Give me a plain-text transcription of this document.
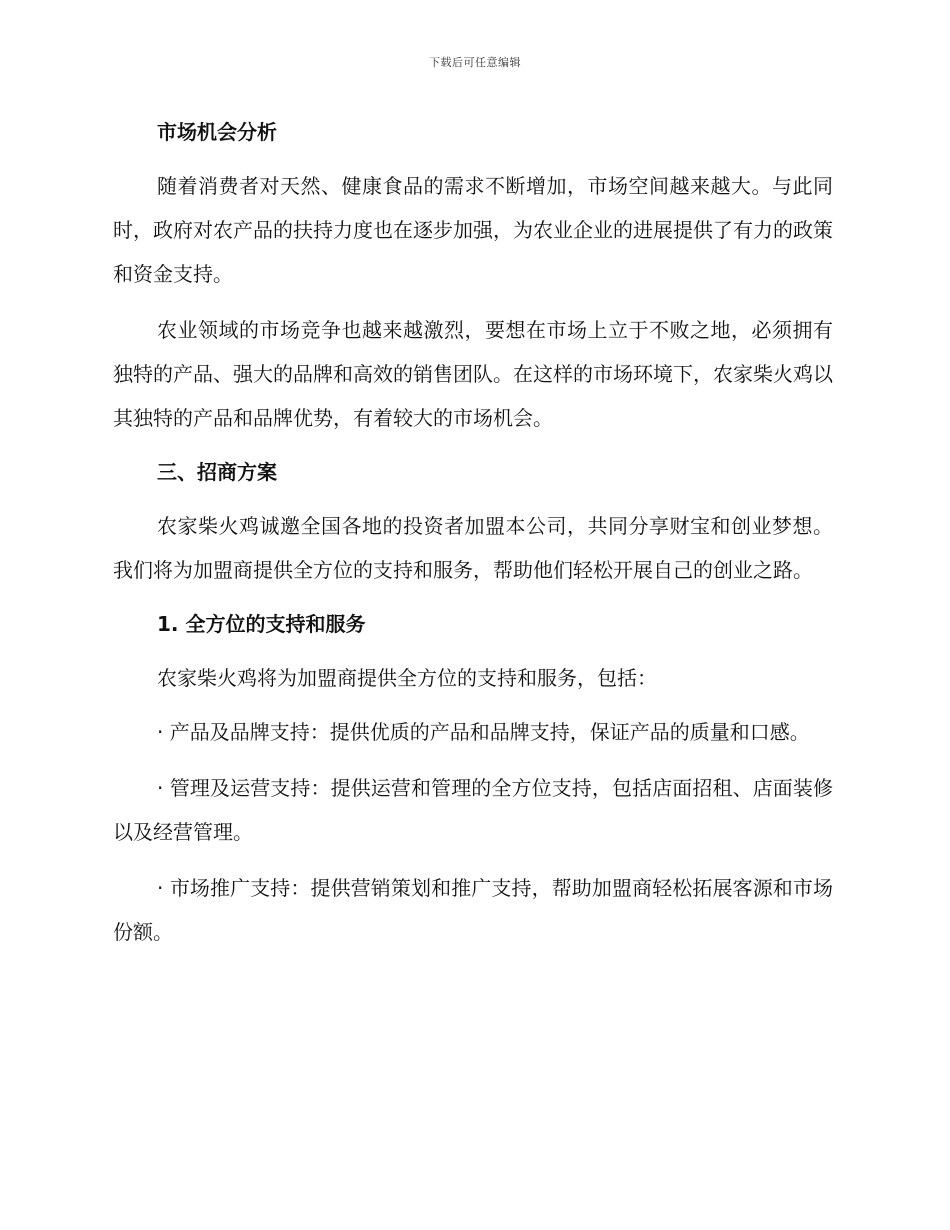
下载后可任意编辑
市场机会分析

随着消费者对天然、健康食品的需求不断增加，市场空间越来越大。与此同时，政府对农产品的扶持力度也在逐步加强，为农业企业的进展提供了有力的政策和资金支持。

农业领域的市场竞争也越来越激烈，要想在市场上立于不败之地，必须拥有独特的产品、强大的品牌和高效的销售团队。在这样的市场环境下，农家柴火鸡以其独特的产品和品牌优势，有着较大的市场机会。

三、招商方案

农家柴火鸡诚邀全国各地的投资者加盟本公司，共同分享财宝和创业梦想。我们将为加盟商提供全方位的支持和服务，帮助他们轻松开展自己的创业之路。

1. 全方位的支持和服务

农家柴火鸡将为加盟商提供全方位的支持和服务，包括：

· 产品及品牌支持：提供优质的产品和品牌支持，保证产品的质量和口感。

· 管理及运营支持：提供运营和管理的全方位支持，包括店面招租、店面装修以及经营管理。

· 市场推广支持：提供营销策划和推广支持，帮助加盟商轻松拓展客源和市场份额。
